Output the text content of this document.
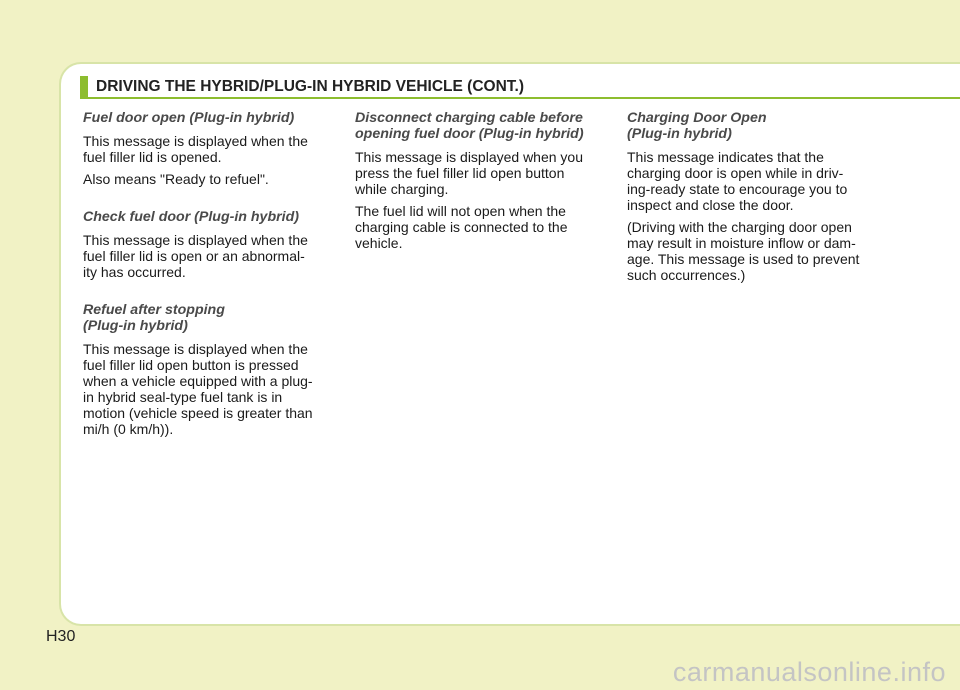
DRIVING THE HYBRID/PLUG-IN HYBRID VEHICLE (CONT.)

Fuel door open (Plug-in hybrid)

This message is displayed when the
fuel filler lid is opened.

Also means "Ready to refuel".

Check fuel door (Plug-in hybrid)

This message is displayed when the
fuel filler lid is open or an abnormal-
ity has occurred.

Refuel after stopping
(Plug-in hybrid)

This message is displayed when the
fuel filler lid open button is pressed
when a vehicle equipped with a plug-
in hybrid seal-type fuel tank is in
motion (vehicle speed is greater than
mi/h (0 km/h)).

Disconnect charging cable before
opening fuel door (Plug-in hybrid)

This message is displayed when you
press the fuel filler lid open button
while charging.

The fuel lid will not open when the
charging cable is connected to the
vehicle.

Charging Door Open
(Plug-in hybrid)

This message indicates that the
charging door is open while in driv-
ing-ready state to encourage you to
inspect and close the door.

(Driving with the charging door open
may result in moisture inflow or dam-
age. This message is used to prevent
such occurrences.)

H30
carmanualsonline.info
